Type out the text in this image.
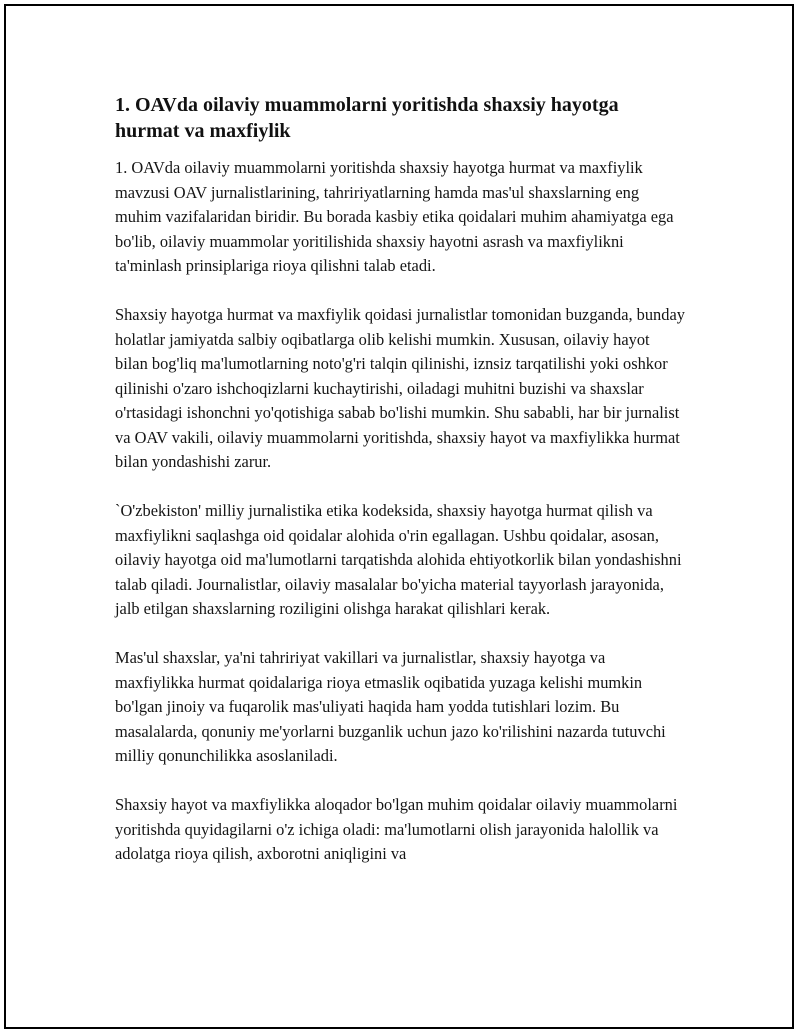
1. OAVda oilaviy muammolarni yoritishda shaxsiy hayotga hurmat va maxfiylik

1. OAVda oilaviy muammolarni yoritishda shaxsiy hayotga hurmat va maxfiylik mavzusi OAV jurnalistlarining, tahririyatlarning hamda mas'ul shaxslarning eng muhim vazifalaridan biridir. Bu borada kasbiy etika qoidalari muhim ahamiyatga ega bo'lib, oilaviy muammolar yoritilishida shaxsiy hayotni asrash va maxfiylikni ta'minlash prinsiplariga rioya qilishni talab etadi.

Shaxsiy hayotga hurmat va maxfiylik qoidasi jurnalistlar tomonidan buzganda, bunday holatlar jamiyatda salbiy oqibatlarga olib kelishi mumkin. Xususan, oilaviy hayot bilan bog'liq ma'lumotlarning noto'g'ri talqin qilinishi, iznsiz tarqatilishi yoki oshkor qilinishi o'zaro ishchoqizlarni kuchaytirishi, oiladagi muhitni buzishi va shaxslar o'rtasidagi ishonchni yo'qotishiga sabab bo'lishi mumkin. Shu sababli, har bir jurnalist va OAV vakili, oilaviy muammolarni yoritishda, shaxsiy hayot va maxfiylikka hurmat bilan yondashishi zarur.

`O'zbekiston' milliy jurnalistika etika kodeksida, shaxsiy hayotga hurmat qilish va maxfiylikni saqlashga oid qoidalar alohida o'rin egallagan. Ushbu qoidalar, asosan, oilaviy hayotga oid ma'lumotlarni tarqatishda alohida ehtiyotkorlik bilan yondashishni talab qiladi. Journalistlar, oilaviy masalalar bo'yicha material tayyorlash jarayonida, jalb etilgan shaxslarning roziligini olishga harakat qilishlari kerak.

Mas'ul shaxslar, ya'ni tahririyat vakillari va jurnalistlar, shaxsiy hayotga va maxfiylikka hurmat qoidalariga rioya etmaslik oqibatida yuzaga kelishi mumkin bo'lgan jinoiy va fuqarolik mas'uliyati haqida ham yodda tutishlari lozim. Bu masalalarda, qonuniy me'yorlarni buzganlik uchun jazo ko'rilishini nazarda tutuvchi milliy qonunchilikka asoslaniladi.

Shaxsiy hayot va maxfiylikka aloqador bo'lgan muhim qoidalar oilaviy muammolarni yoritishda quyidagilarni o'z ichiga oladi: ma'lumotlarni olish jarayonida halollik va adolatga rioya qilish, axborotni aniqligini va
